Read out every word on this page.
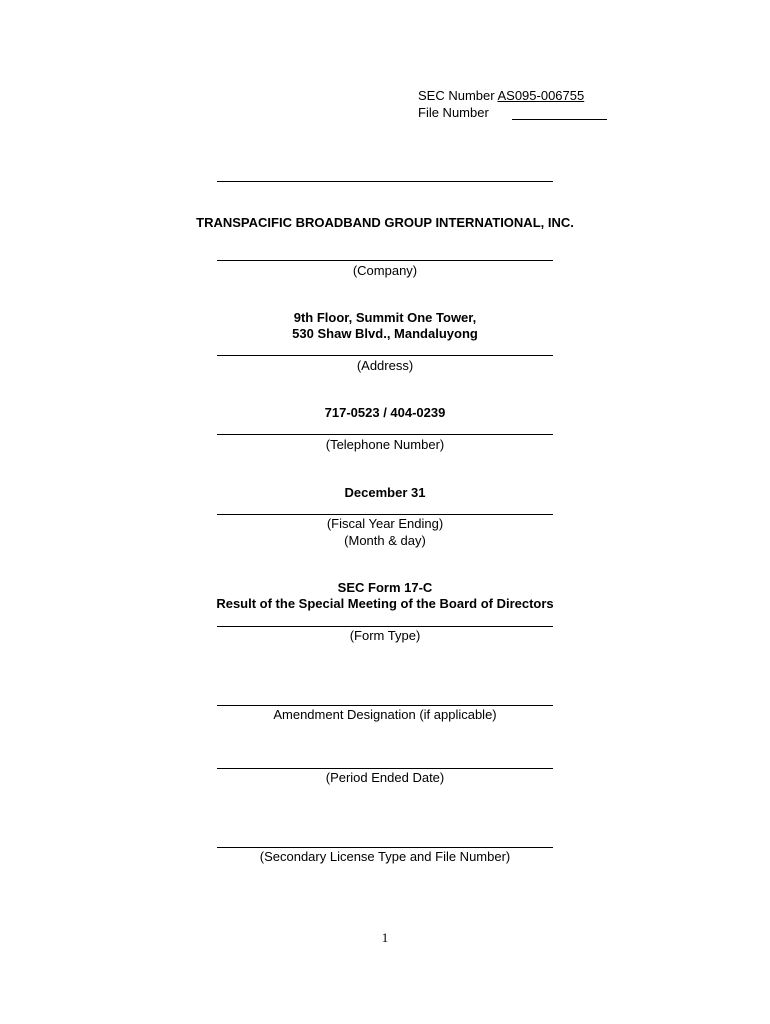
SEC Number AS095-006755
File Number
TRANSPACIFIC BROADBAND GROUP INTERNATIONAL, INC.
(Company)
9th Floor, Summit One Tower,
530 Shaw Blvd., Mandaluyong
(Address)
717-0523 / 404-0239
(Telephone Number)
December 31
(Fiscal Year Ending)
(Month & day)
SEC Form 17-C
Result of the Special Meeting of the Board of Directors
(Form Type)
Amendment Designation (if applicable)
(Period Ended Date)
(Secondary License Type and File Number)
1
